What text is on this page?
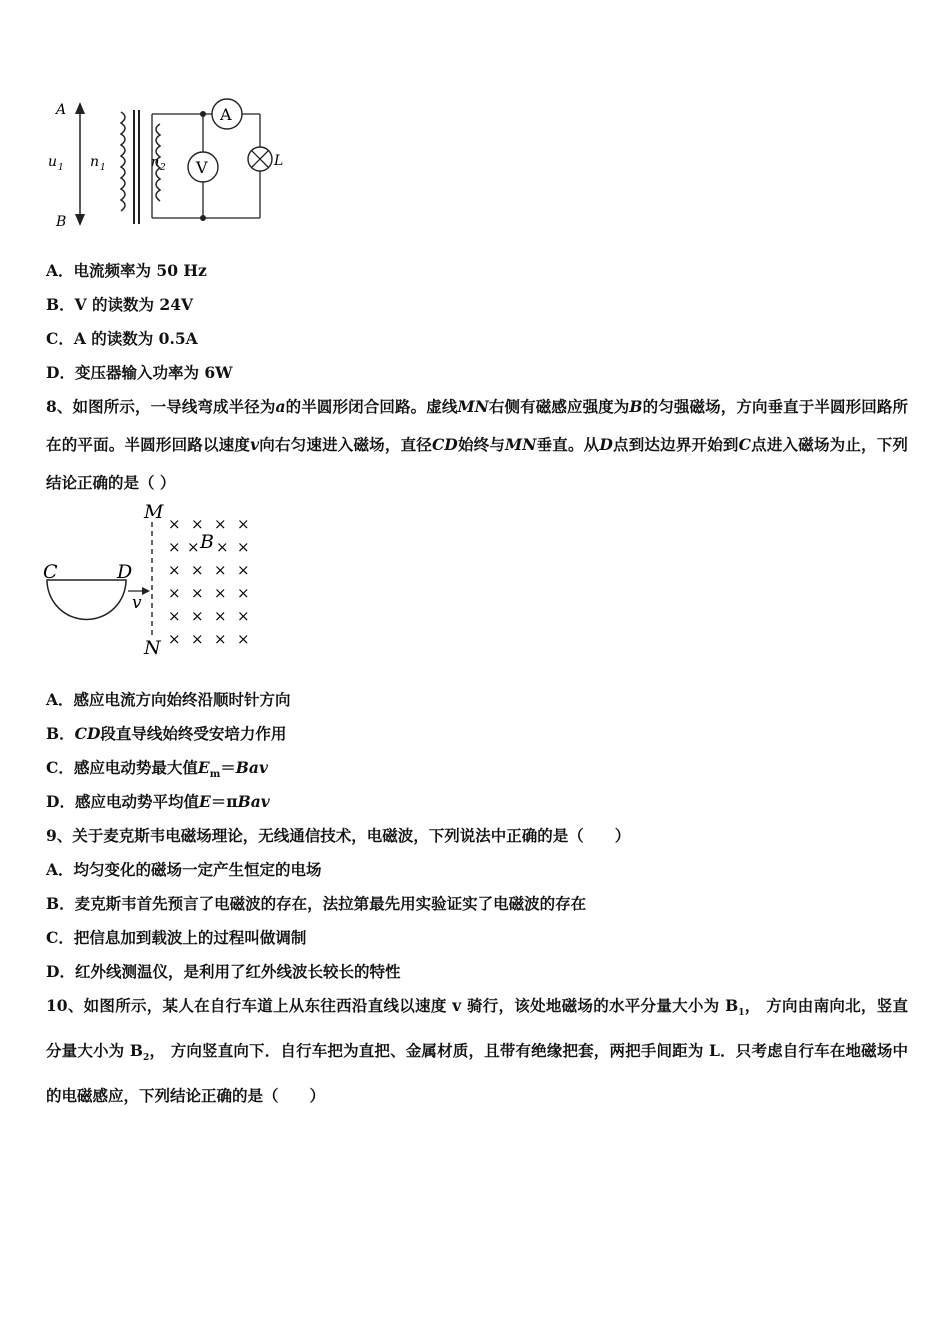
A
B
u 1 n 1	n 2
A
V	L
A．电流频率为 50 Hz
B．V 的读数为 24V
C．A 的读数为 0.5A
D．变压器输入功率为 6W
8、如图所示，一导线弯成半径为a的半圆形闭合回路。虚线MN右侧有磁感应强度为B的匀强磁场，方向垂直于半圆形回路所在的平面。半圆形回路以速度v向右匀速进入磁场，直径CD始终与MN垂直。从D点到达边界开始到C点进入磁场为止，下列结论正确的是（ ）
M
N
C	D
v
B
× × × ×
× × × ×
× × × ×
× × × ×
× × × ×
× × × ×
A．感应电流方向始终沿顺时针方向
B．CD段直导线始终受安培力作用
C．感应电动势最大值$E_m=Bav$
D．感应电动势平均值E＝πBav
9、关于麦克斯韦电磁场理论，无线通信技术，电磁波，下列说法中正确的是（　　）
A．均匀变化的磁场一定产生恒定的电场
B．麦克斯韦首先预言了电磁波的存在，法拉第最先用实验证实了电磁波的存在
C．把信息加到载波上的过程叫做调制
D．红外线测温仪，是利用了红外线波长较长的特性
10、如图所示，某人在自行车道上从东往西沿直线以速度 v 骑行，该处地磁场的水平分量大小为 $B_1$， 方向由南向北，竖直分量大小为 $B_2$， 方向竖直向下．自行车把为直把、金属材质，且带有绝缘把套，两把手间距为 L．只考虑自行车在地磁场中的电磁感应，下列结论正确的是（　　）
